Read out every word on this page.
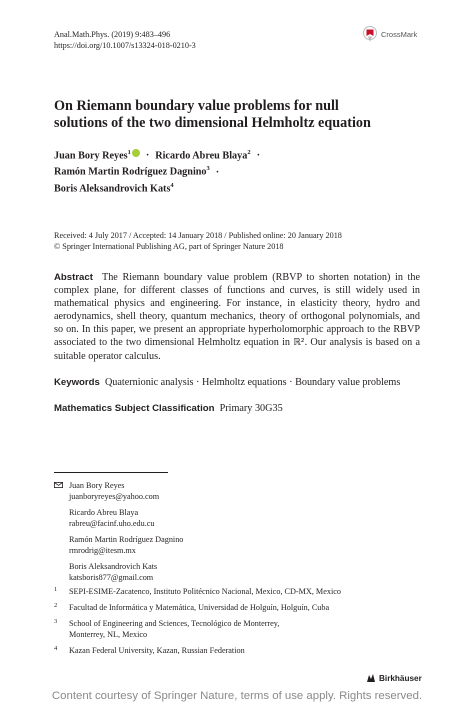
Anal.Math.Phys. (2019) 9:483–496
https://doi.org/10.1007/s13324-018-0210-3
CrossMark
On Riemann boundary value problems for null solutions of the two dimensional Helmholtz equation
Juan Bory Reyes$^1$ · Ricardo Abreu Blaya$^2$ ·
Ramón Martin Rodríguez Dagnino$^3$ ·
Boris Aleksandrovich Kats$^4$
Received: 4 July 2017 / Accepted: 14 January 2018 / Published online: 20 January 2018
© Springer International Publishing AG, part of Springer Nature 2018
Abstract The Riemann boundary value problem (RBVP to shorten notation) in the complex plane, for different classes of functions and curves, is still widely used in mathematical physics and engineering. For instance, in elasticity theory, hydro and aerodynamics, shell theory, quantum mechanics, theory of orthogonal polynomials, and so on. In this paper, we present an appropriate hyperholomorphic approach to the RBVP associated to the two dimensional Helmholtz equation in ℝ². Our analysis is based on a suitable operator calculus.
Keywords Quaternionic analysis · Helmholtz equations · Boundary value problems
Mathematics Subject Classification Primary 30G35
Juan Bory Reyes
juanboryreyes@yahoo.com
Ricardo Abreu Blaya
rabreu@facinf.uho.edu.cu
Ramón Martin Rodríguez Dagnino
rmrodrig@itesm.mx
Boris Aleksandrovich Kats
katsboris877@gmail.com
1 SEPI-ESIME-Zacatenco, Instituto Politécnico Nacional, Mexico, CD-MX, Mexico
2 Facultad de Informática y Matemática, Universidad de Holguín, Holguín, Cuba
3 School of Engineering and Sciences, Tecnológico de Monterrey,
Monterrey, NL, Mexico
4 Kazan Federal University, Kazan, Russian Federation
Birkhäuser
Content courtesy of Springer Nature, terms of use apply. Rights reserved.
